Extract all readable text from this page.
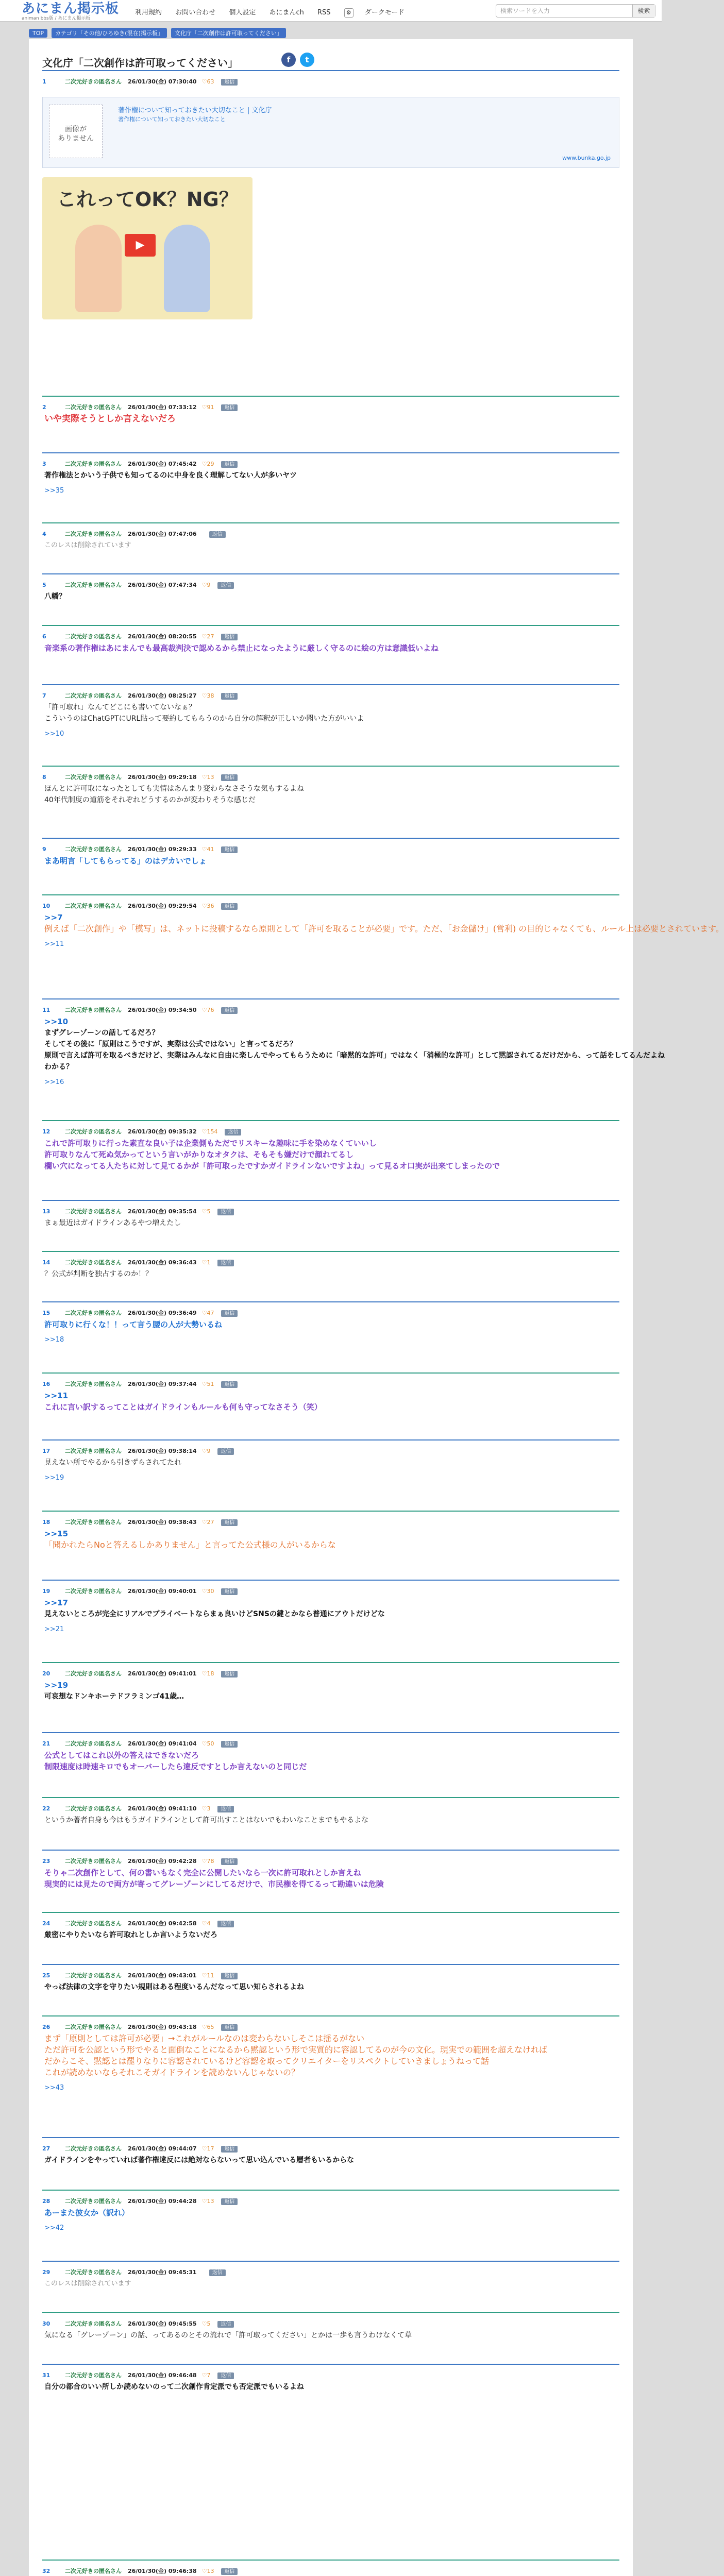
あにまん掲示板
animan bbs版 / あにまん掲示板
利用規約 お問い合わせ 個人設定 あにまんch RSS	⚙ ダークモード	検索ワードを入力	検索
TOP カテゴリ「その他/ひろゆき(混在)掲示板」 文化庁「二次創作は許可取ってください」
文化庁「二次創作は許可取ってください」	f	t
画像が
ありません
著作権について知っておきたい大切なこと | 文化庁
著作権について知っておきたい大切なこと
www.bunka.go.jp
これってOK？NG？
▶
1	二次元好きの匿名さん 26/01/30(金) 07:30:40 ♡63 返信
2	二次元好きの匿名さん 26/01/30(金) 07:33:12 ♡91 返信
いや実際そうとしか言えないだろ
3	二次元好きの匿名さん 26/01/30(金) 07:45:42 ♡29 返信
著作権法とかいう子供でも知ってるのに中身を良く理解してない人が多いヤツ
>>35
4	二次元好きの匿名さん 26/01/30(金) 07:47:06	返信
このレスは削除されています
5	二次元好きの匿名さん 26/01/30(金) 07:47:34 ♡9 返信
八幡？
6	二次元好きの匿名さん 26/01/30(金) 08:20:55 ♡27 返信
音楽系の著作権はあにまんでも最高裁判決で認めるから禁止になったように厳しく守るのに絵の方は意識低いよね
7	二次元好きの匿名さん 26/01/30(金) 08:25:27 ♡38 返信
「許可取れ」なんてどこにも書いてないなぁ？
こういうのはChatGPTにURL貼って要約してもらうのから自分の解釈が正しいか聞いた方がいいよ
>>10
8	二次元好きの匿名さん 26/01/30(金) 09:29:18 ♡13 返信
ほんとに許可取になったとしても実情はあんまり変わらなさそうな気もするよね
40年代制度の道筋をそれぞれどうするのかが変わりそうな感じだ
9	二次元好きの匿名さん 26/01/30(金) 09:29:33 ♡41 返信
まあ明言「してもらってる」のはデカいでしょ
10	二次元好きの匿名さん 26/01/30(金) 09:29:54 ♡36 返信
>>7
例えば「二次創作」や「模写」は、ネットに投稿するなら原則として「許可を取ることが必要」です。ただ、「お金儲け」(営利) の目的じゃなくても、ルール上は必要とされています。
>>11
11	二次元好きの匿名さん 26/01/30(金) 09:34:50 ♡76 返信
>>10
まずグレーゾーンの話してるだろ？
そしてその後に「原則はこうですが、実際は公式ではない」と言ってるだろ？
原則で言えば許可を取るべきだけど、実際はみんなに自由に楽しんでやってもらうために「暗黙的な許可」ではなく「消極的な許可」として黙認されてるだけだから、って話をしてるんだよね
わかる？
>>16
12	二次元好きの匿名さん 26/01/30(金) 09:35:32 ♡154 返信
これで許可取りに行った素直な良い子は企業側もただでリスキーな趣味に手を染めなくていいし
許可取りなんて死ぬ気かってという言いがかりなオタクは、そもそも嫌だけで顔れてるし
欄い穴になってる人たちに対して見てるかが「許可取ったですかガイドラインないですよね」って見るオ口実が出来てしまったので
13	二次元好きの匿名さん 26/01/30(金) 09:35:54 ♡5 返信
まぁ最近はガイドラインあるやつ増えたし
14	二次元好きの匿名さん 26/01/30(金) 09:36:43 ♡1 返信
？公式が判断を独占するのか！？
15	二次元好きの匿名さん 26/01/30(金) 09:36:49 ♡47 返信
許可取りに行くな！！って言う腰の人が大勢いるね
>>18
16	二次元好きの匿名さん 26/01/30(金) 09:37:44 ♡51 返信
>>11
これに言い訳するってことはガイドラインもルールも何も守ってなさそう（笑）
17	二次元好きの匿名さん 26/01/30(金) 09:38:14 ♡9 返信
見えない所でやるから引きずらされてたれ
>>19
18	二次元好きの匿名さん 26/01/30(金) 09:38:43 ♡27 返信
>>15
「聞かれたらNoと答えるしかありません」と言ってた公式様の人がいるからな
19	二次元好きの匿名さん 26/01/30(金) 09:40:01 ♡30 返信
>>17
見えないところが完全にリアルでプライベートならまぁ良いけどSNSの鍵とかなら普通にアウトだけどな
>>21
20	二次元好きの匿名さん 26/01/30(金) 09:41:01 ♡18 返信
>>19
可哀想なドンキホーテドフラミンゴ41歳…
21	二次元好きの匿名さん 26/01/30(金) 09:41:04 ♡50 返信
公式としてはこれ以外の答えはできないだろ
制限速度は時速キロでもオーバーしたら違反ですとしか言えないのと同じだ
22	二次元好きの匿名さん 26/01/30(金) 09:41:10 ♡3 返信
というか著者自身も今はもうガイドラインとして許可出すことはないでもわいなことまでもやるよな
23	二次元好きの匿名さん 26/01/30(金) 09:42:28 ♡78 返信
そりゃ二次創作として、何の書いもなく完全に公開したいなら一次に許可取れとしか言えね
現実的には見たので両方が寄ってグレーゾーンにしてるだけで、市民権を得てるって勘違いは危険
24	二次元好きの匿名さん 26/01/30(金) 09:42:58 ♡4 返信
厳密にやりたいなら許可取れとしか言いようないだろ
25	二次元好きの匿名さん 26/01/30(金) 09:43:01 ♡11 返信
やっぱ法律の文字を守りたい規則はある程度いるんだなって思い知らされるよね
26	二次元好きの匿名さん 26/01/30(金) 09:43:18 ♡65 返信
まず「原則としては許可が必要」→これがルールなのは変わらないしそこは揺るがない
ただ許可を公認という形でやると面倒なことになるから黙認という形で実質的に容認してるのが今の文化。現実での範囲を超えなければ
だからこそ、黙認とは罷りなりに容認されているけど容認を取ってクリエイターをリスペクトしていきましょうねって話
これが読めないならそれこそガイドラインを読めないんじゃないの？
>>43
27	二次元好きの匿名さん 26/01/30(金) 09:44:07 ♡17 返信
ガイドラインをやっていれば著作権違反には絶対ならないって思い込んでいる層者もいるからな
28	二次元好きの匿名さん 26/01/30(金) 09:44:28 ♡13 返信
あーまた彼女か（訳れ）
>>42
29	二次元好きの匿名さん 26/01/30(金) 09:45:31	返信
このレスは削除されています
30	二次元好きの匿名さん 26/01/30(金) 09:45:55 ♡5 返信
気になる「グレーゾーン」の話、ってあるのとその流れで「許可取ってください」とかは一歩も言うわけなくて草
31	二次元好きの匿名さん 26/01/30(金) 09:46:48 ♡7 返信
自分の都合のいい所しか読めないのって二次創作肯定派でも否定派でもいるよね
32	二次元好きの匿名さん 26/01/30(金) 09:46:38 ♡13 返信
